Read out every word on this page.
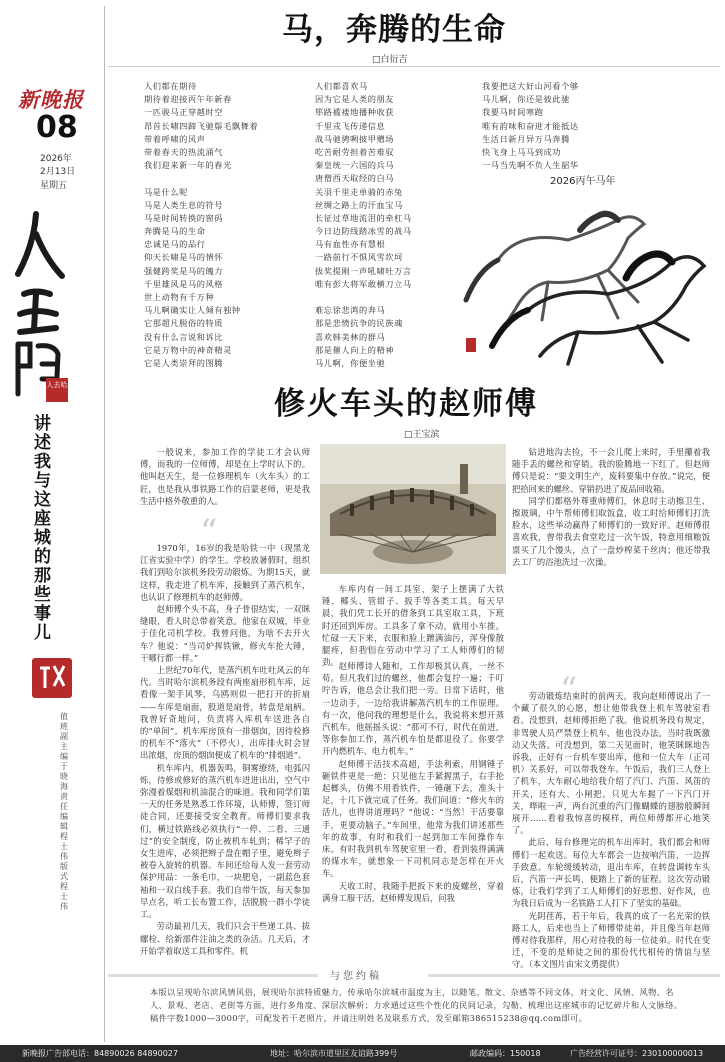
新晚报
08
2026年
2月13日
星期五
人去哈
讲述我与这座城的那些事儿
值班副主编 于晓海 责任编辑 程士伟 版式 程士伟
马，奔腾的生命
□白衍吉

人们都在期待

期待着迎接丙午年新春

一匹骏马正穿越时空

昂首长啸四蹄飞驰鬃毛飘舞着

带着呼啸的风声

带着春天的热流涌气

我们迎来新一年的春光

马是什么呢

马是人类生息的符号

马是时间转换的窗码

奔腾是马的生命

忠诚是马的品行

仰天长啸是马的情怀

强健跨奖是马的魄力

千里雄风是马的风格

世上动物有千万种

马儿啊确实让人倾有独钟

它那超凡脱俗的特质

没有什么言说和诉比

它是万物中的神奇精灵

它是人类崇拜的图腾

人们都喜欢马

因为它是人类的朋友

筚路褴褛地播种收获

千里戎飞传递信息

战马驰骋咧披甲赠场

吃苦耐劳担着苦难驭

秦皇统一六国的兵马

唐僧西天取经的白马

关羽千里走单骑的赤兔

丝绸之路上的汗血宝马

长征过草地流泪的牵杠马

今日边防线踏冰雪的战马

马有血性亦有慧根

一路前行不惧风雪坎坷

拔奖提刚一声吼啸吐万言

唯有彭大将军敢横刀立马

难忘徐悲鸿的奔马

那是悲愤抗争的民族魂

喜欢韩美林的群马

那是催人向上的精神

马儿啊，你便坐驰

我要把这大好山河看个够

马儿啊，你还是彼此驰

我要马时间寒跑

唯有韵味和奋进才能抵达

生活日新月异万马奔腾

快飞身上马马到成功

一马当先啊不负人生韶华

2026丙午马年
修火车头的赵师傅
□王宝滨

一般说来，参加工作的学徒工才会认师傅，而我的一位师傅，却是在上学时认下的。他叫赵天生，是一位修理机车（火车头）的工匠，也是我从事铁路工作的启蒙老师，更是我生活中格外敬重的人。

“

1970年，16岁的我是哈铁一中（现黑龙江省实验中学）的学生。学校放暑假时，组织我们到哈尔滨机务段劳动锻炼。为期15天，就这样，我走进了机车库，接触到了蒸汽机车，也认识了修理机车的赵师傅。

赵师傅个头不高，身子骨很结实，一双眯缝眼，看人时总带着笑意。他家在双城，毕业于佳化司机学校。我曾问他，为啥不去开火车？他说：“当司炉挥铁锹，修火车抡大锤，干哪行都一样。”

上世纪70年代，是蒸汽机车吐吐风云的年代。当时哈尔滨机务段有两座扇形机车库，远看像一架手风琴，乌鸥则似一把打开的折扇——车库是扇面，股道是扇骨，转盘是扇柄。我曾好奇地问，负责将入库机车送进各自的“单间”。机车库房顶有一排烟囱，因待检修的机车不“落火”（不停火），出库排火时会冒出浓烟，房顶的烟囱便成了机车的“排烟道”。

机车库内，机器轰鸣，铜雾缭绕，电弧闪烁，待修或修好的蒸汽机车进进出出，空气中弥漫着煤烟和机油混合的味道。我和同学们第一天的任务是熟悉工作环境，认师傅，签订师徒合同，还要接受安全教育。师傅们要求我们，横过铁路线必须执行“一停、二看、三通过”的安全制度，防止被机车轧到；稀罕子的女生进库，必须把辫子盘在帽子里，避免辫子被卷入旋转的机器。车间还给每人发一套劳动保护用品：一条毛巾，一块肥皂，一副蓝色套袖和一双白线手套。我们自带午饭，每天参加早点名，听工长布置工作，活脱脱一群小学徒工。

劳动最初几天，我们只会干些递工具、拔螺栓、给新部件注油之类的杂活。几天后，才开始学着取送工具和零件。机

车库内有一间工具室，架子上摆满了大铁锤、椰头、管钳子、扳手等各类工具。每天早晨，我们凭工长开的借条到工具室取工具，下班时还回到库房。工具多了拿不动，就用小车推。忙碌一天下来，衣服和脸上蹭满油污，浑身像散腿疼，但我们在劳动中学习了工人师傅们的韧劲。 “

赵师傅诗人随和，工作却极其认真，一丝不苟。但凡我们过的螺丝，他都会复拧一遍；千叮咛告诉，他总会让我们把一旁。日常下话时，他一边动手，一边给我讲解蒸汽机车的工作原理。有一次，他问我的理想是什么，我说将来想开蒸汽机车。他摇摇头说：“那可不行，时代在前进，等你参加工作，蒸汽机车怕是都退役了。你要学开内燃机车、电力机车。”

赵师傅干活技术高超，手法利索，用钢锤子砸铁件更是一绝：只见他左手紧握黑子，右手抡起榔头，仿佛不用看铁件，一锤砸下去，准头十足，十几下就完成了任务。我们问道：“修火车的活儿，也得讲道理吗？”他说：“当然！干活要靠手，更要动脑子。”车间里，他常为我们讲述那些年的故事，有时和我们一起到加工车间操作车床。有时我到机车驾驶室里一看，看到装得满满的煤水车，就想象一下司机同志是怎样在开火车。

天收工时，我随手把扳下来的废螺丝，穿着满身工服干活，赵师傅发现后，问我

钻进地沟去捡，不一会儿爬上来时，手里攥着我随手丢的螺丝和穿销。我的脸腾地一下红了。但赵师傅只是说：“要文明生产，废料要集中存放。”说完，便把拾回来的螺丝、穿销扔进了废品回收箱。

同学们都格外尊重师傅们，休息时主动擦卫生、擦玻璃，中午帮师傅们取饭盒，收工时给师傅们打洗脸水，这些举动赢得了师傅们的一致好评。赵师傅很喜欢我，曾带我去食堂吃过一次午饭，特意用细粮饭票买了几个馒头，点了一盘炒榨菜千丝肉；他还带我去工厂的浴池洗过一次澡。

“

劳动锻炼结束时的前两天，我向赵师傅说出了一个藏了很久的心愿，想让他带我登上机车驾驶室看看。没想到，赵师傅拒绝了我。他说机务段有规定，非驾驶人员严禁登上机车，他也没办法。当时我既激动又失落。可没想到，第二天见面时，他笑眯眯地告诉我，正好有一台机车要出库，他和一位大车（正司机）关系好，可以带我登车。午饭后，我们三人登上了机车，大车耐心地给我介绍了汽门、汽笛、风笛的开关，还有大、小闸把。只见大车握了一下汽门开关，哗啦一声，两台沉重的汽门像蝴蝶的翅膀般瞬间展开……看着我惊喜的模样，两位师傅都开心地笑了。

此后，每台修理完的机车出库时，我们都会和师傅们一起欢送。每位大车都会一边按响汽笛，一边挥手致意。车轮缓缓转动，退出车库，在转盘调转车头后，汽笛一声长鸣，便踏上了新的征程。这次劳动锻炼，让我们学到了工人师傅们的好思想、好作风，也为我日后成为一名铁路工人打下了坚实的基础。

光阴荏苒，若干年后，我真的成了一名光荣的铁路工人，后来也当上了师傅带徒弟，并且像当年赵师傅对待我那样，用心对待我的每一位徒弟。时代在变迁，不变的是师徒之间的那份代代相传的情谊与坚守。（本文图片由宋文勇提供）

与您约稿
本版以呈现哈尔滨风情风俗，展现哈尔滨特质魅力，传承哈尔滨城市温度为主，以随笔、散文、杂感等不同文体，对文化、风情、风物、名人、景观、老店、老街等方面，进行多角度、深层次解析；力求通过这些个性化的民间记录，勾勒、梳理出这座城市的记忆碎片和人文脉络。
稿件字数1000—3000字，可配发若干老照片，并请注明姓名及联系方式，发至邮箱386515238@qq.com即可。
新晚报广告部电话：84890026 84890027	地址：哈尔滨市道里区友谊路399号	邮政编码：150018	广告经营许可证号：230100000013
